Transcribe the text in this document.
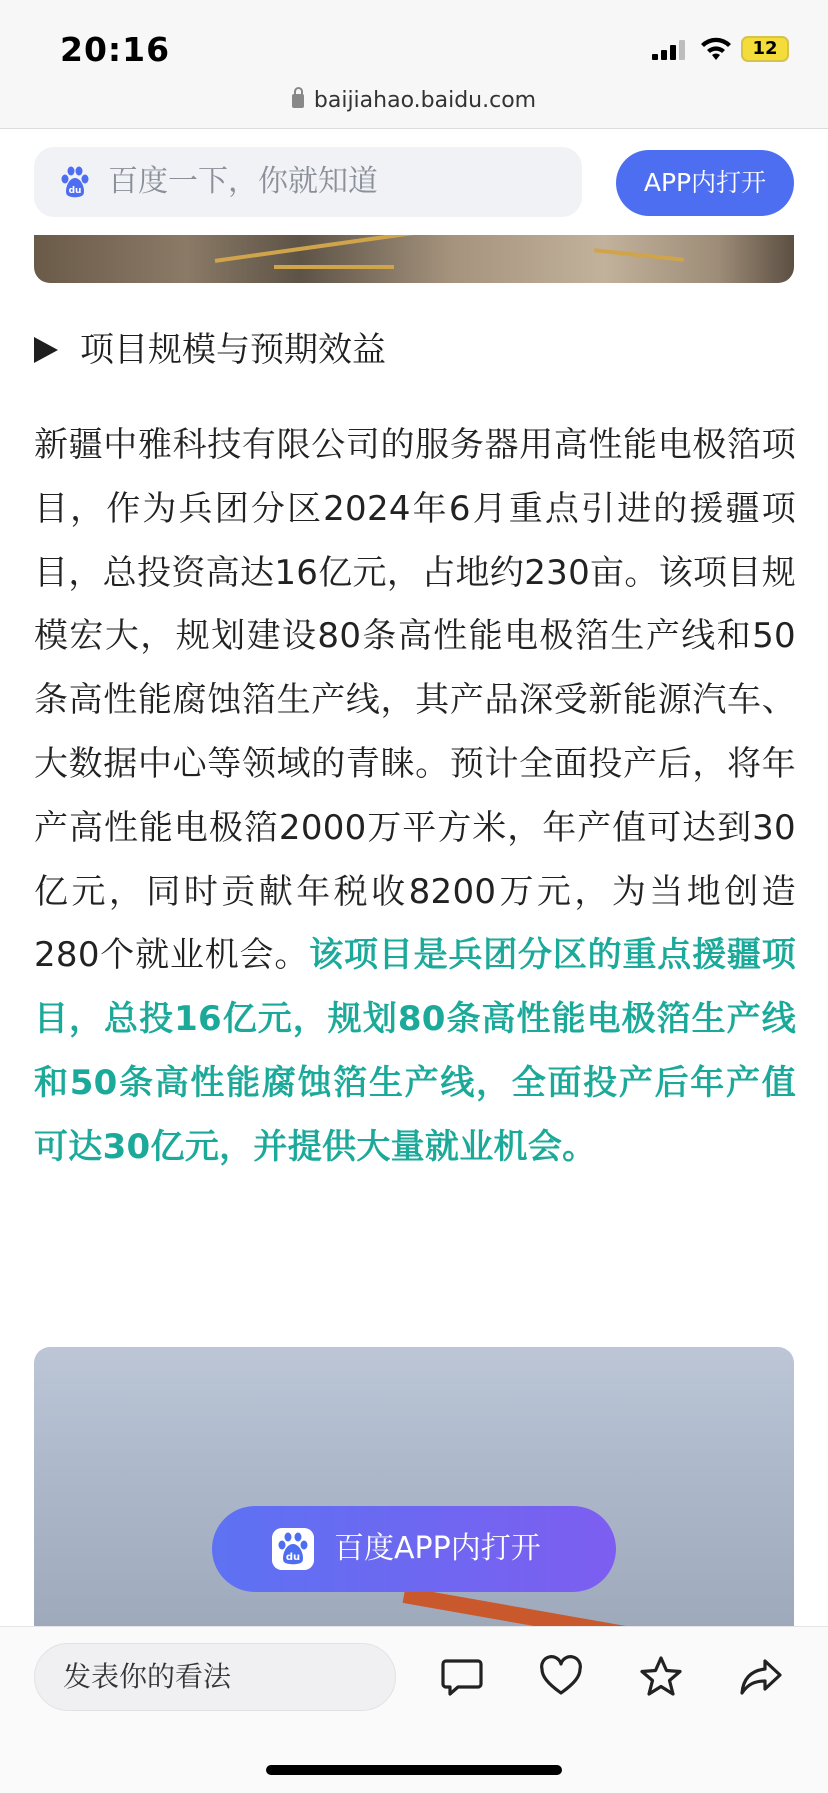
20:16	12
baijiahao.baidu.com
du 百度一下，你就知道	APP内打开
项目规模与预期效益
新疆中雅科技有限公司的服务器用高性能电极箔项目，作为兵团分区2024年6月重点引进的援疆项目，总投资高达16亿元，占地约230亩。该项目规模宏大，规划建设80条高性能电极箔生产线和50条高性能腐蚀箔生产线，其产品深受新能源汽车、大数据中心等领域的青睐。预计全面投产后，将年产高性能电极箔2000万平方米，年产值可达到30亿元，同时贡献年税收8200万元，为当地创造280个就业机会。该项目是兵团分区的重点援疆项目，总投16亿元，规划80条高性能电极箔生产线和50条高性能腐蚀箔生产线，全面投产后年产值可达30亿元，并提供大量就业机会。
du 百度APP内打开
发表你的看法
